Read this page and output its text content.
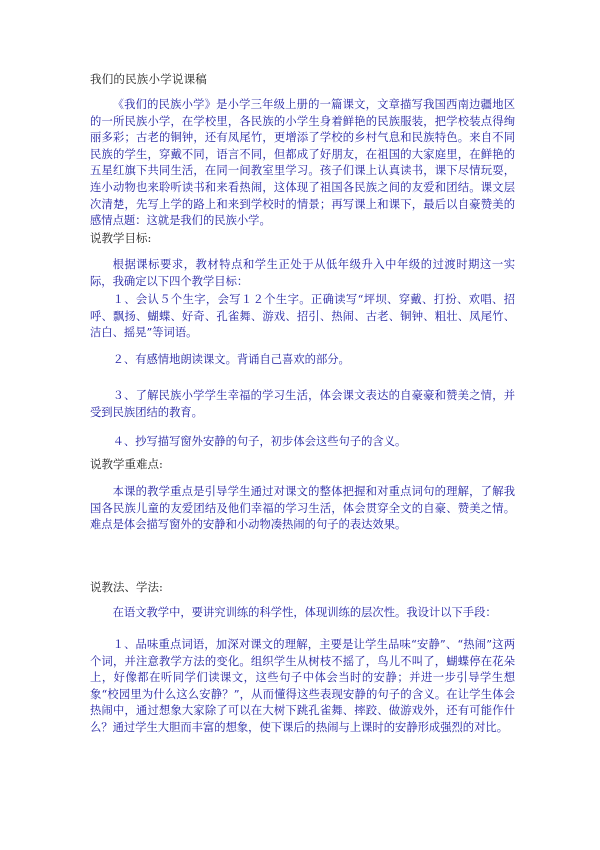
我们的民族小学说课稿
《我们的民族小学》是小学三年级上册的一篇课文，文章描写我国西南边疆地区的一所民族小学，在学校里，各民族的小学生身着鲜艳的民族服装，把学校装点得绚丽多彩；古老的铜钟，还有凤尾竹，更增添了学校的乡村气息和民族特色。来自不同民族的学生，穿戴不同，语言不同，但都成了好朋友，在祖国的大家庭里，在鲜艳的五星红旗下共同生活，在同一间教室里学习。孩子们课上认真读书，课下尽情玩耍，连小动物也来聆听读书和来看热闹，这体现了祖国各民族之间的友爱和团结。课文层次清楚，先写上学的路上和来到学校时的情景；再写课上和课下，最后以自豪赞美的感情点题：这就是我们的民族小学。
说教学目标:
根据课标要求，教材特点和学生正处于从低年级升入中年级的过渡时期这一实际，我确定以下四个教学目标：
１、会认５个生字，会写１２个生字。正确读写“坪坝、穿戴、打扮、欢唱、招呼、飘扬、蝴蝶、好奇、孔雀舞、游戏、招引、热闹、古老、铜钟、粗壮、凤尾竹、洁白、摇晃”等词语。
２、有感情地朗读课文。背诵自己喜欢的部分。
３、了解民族小学学生幸福的学习生活，体会课文表达的自豪豪和赞美之情，并受到民族团结的教育。
４、抄写描写窗外安静的句子，初步体会这些句子的含义。
说教学重难点:
本课的教学重点是引导学生通过对课文的整体把握和对重点词句的理解，了解我国各民族儿童的友爱团结及他们幸福的学习生活，体会贯穿全文的自豪、赞美之情。难点是体会描写窗外的安静和小动物凑热闹的句子的表达效果。
说教法、学法:
在语文教学中，要讲究训练的科学性，体现训练的层次性。我设计以下手段：
１、品味重点词语，加深对课文的理解，主要是让学生品味“安静”、“热闹”这两个词，并注意教学方法的变化。组织学生从树枝不摇了，鸟儿不叫了，蝴蝶停在花朵上，好像都在听同学们读课文，这些句子中体会当时的安静；并进一步引导学生想象“校园里为什么这么安静？”，从而懂得这些表现安静的句子的含义。在让学生体会热闹中，通过想象大家除了可以在大树下跳孔雀舞、摔跤、做游戏外，还有可能作什么？通过学生大胆而丰富的想象，使下课后的热闹与上课时的安静形成强烈的对比。
